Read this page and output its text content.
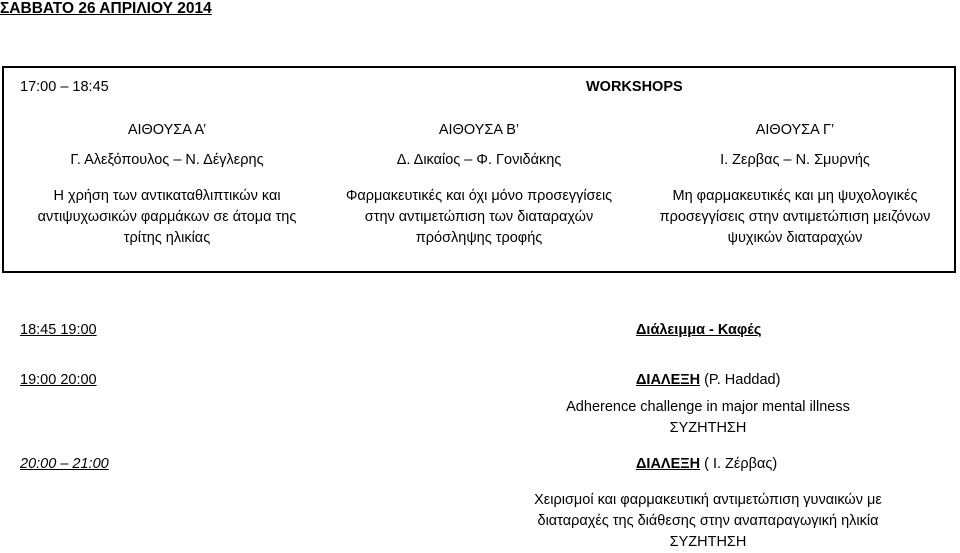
ΣΑΒΒΑΤΟ 26 ΑΠΡΙΛΙΟΥ 2014
17:00 – 18:45	WORKSHOPS
ΑΙΘΟΥΣΑ Α’
Γ. Αλεξόπουλος – Ν. Δέγλερης
Η χρήση των αντικαταθλιπτικών και
αντιψυχωσικών φαρμάκων σε άτομα της
τρίτης ηλικίας
ΑΙΘΟΥΣΑ Β’
Δ. Δικαίος – Φ. Γονιδάκης
Φαρμακευτικές και όχι μόνο προσεγγίσεις
στην αντιμετώπιση των διαταραχών
πρόσληψης τροφής
ΑΙΘΟΥΣΑ Γ’
Ι. Ζερβας – Ν. Σμυρνής
Μη φαρμακευτικές και μη ψυχολογικές
προσεγγίσεις στην αντιμετώπιση μειζόνων
ψυχικών διαταραχών
18:45 19:00	Διάλειμμα - Καφές
19:00 20:00	ΔΙΑΛΕΞΗ (P. Haddad)
Adherence challenge in major mental illness
ΣΥΖΗΤΗΣΗ
20:00 – 21:00	ΔΙΑΛΕΞΗ ( Ι. Ζέρβας)
Χειρισμοί και φαρμακευτική αντιμετώπιση γυναικών με
διαταραχές της διάθεσης στην αναπαραγωγική ηλικία
ΣΥΖΗΤΗΣΗ
